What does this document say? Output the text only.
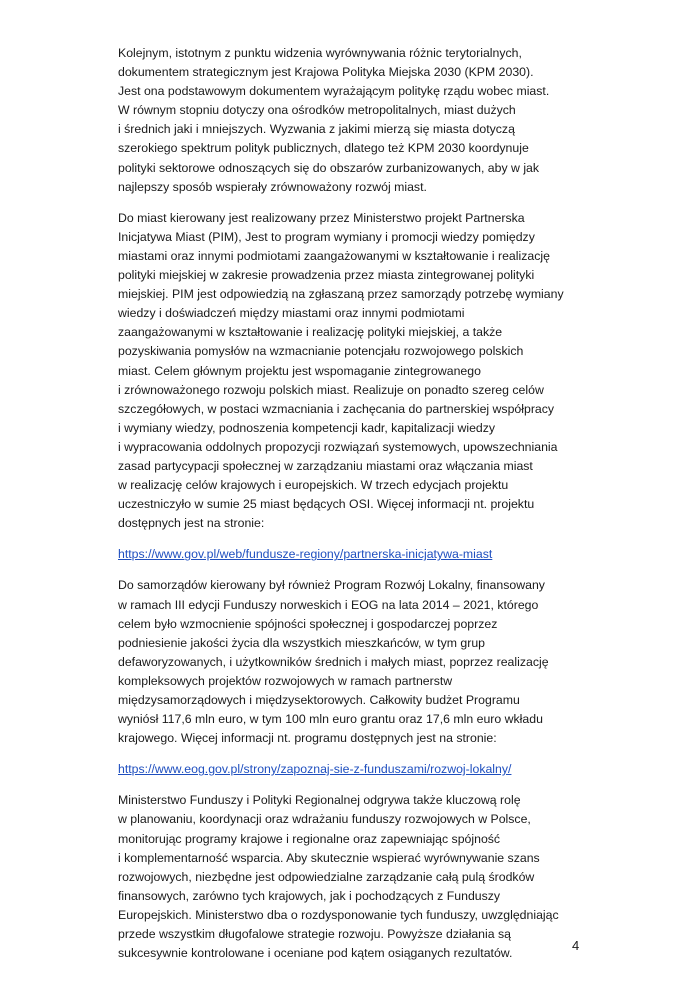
Kolejnym, istotnym z punktu widzenia wyrównywania różnic terytorialnych,
dokumentem strategicznym jest Krajowa Polityka Miejska 2030 (KPM 2030).
Jest ona podstawowym dokumentem wyrażającym politykę rządu wobec miast.
W równym stopniu dotyczy ona ośrodków metropolitalnych, miast dużych
i średnich jaki i mniejszych. Wyzwania z jakimi mierzą się miasta dotyczą
szerokiego spektrum polityk publicznych, dlatego też KPM 2030 koordynuje
polityki sektorowe odnoszących się do obszarów zurbanizowanych, aby w jak
najlepszy sposób wspierały zrównoważony rozwój miast.

Do miast kierowany jest realizowany przez Ministerstwo projekt Partnerska
Inicjatywa Miast (PIM), Jest to program wymiany i promocji wiedzy pomiędzy
miastami oraz innymi podmiotami zaangażowanymi w kształtowanie i realizację
polityki miejskiej w zakresie prowadzenia przez miasta zintegrowanej polityki
miejskiej. PIM jest odpowiedzią na zgłaszaną przez samorządy potrzebę wymiany
wiedzy i doświadczeń między miastami oraz innymi podmiotami
zaangażowanymi w kształtowanie i realizację polityki miejskiej, a także
pozyskiwania pomysłów na wzmacnianie potencjału rozwojowego polskich
miast. Celem głównym projektu jest wspomaganie zintegrowanego
i zrównoważonego rozwoju polskich miast. Realizuje on ponadto szereg celów
szczegółowych, w postaci wzmacniania i zachęcania do partnerskiej współpracy
i wymiany wiedzy, podnoszenia kompetencji kadr, kapitalizacji wiedzy
i wypracowania oddolnych propozycji rozwiązań systemowych, upowszechniania
zasad partycypacji społecznej w zarządzaniu miastami oraz włączania miast
w realizację celów krajowych i europejskich. W trzech edycjach projektu
uczestniczyło w sumie 25 miast będących OSI. Więcej informacji nt. projektu
dostępnych jest na stronie:

https://www.gov.pl/web/fundusze-regiony/partnerska-inicjatywa-miast

Do samorządów kierowany był również Program Rozwój Lokalny, finansowany
w ramach III edycji Funduszy norweskich i EOG na lata 2014 – 2021, którego
celem było wzmocnienie spójności społecznej i gospodarczej poprzez
podniesienie jakości życia dla wszystkich mieszkańców, w tym grup
defaworyzowanych, i użytkowników średnich i małych miast, poprzez realizację
kompleksowych projektów rozwojowych w ramach partnerstw
międzysamorządowych i międzysektorowych. Całkowity budżet Programu
wyniósł 117,6 mln euro, w tym 100 mln euro grantu oraz 17,6 mln euro wkładu
krajowego. Więcej informacji nt. programu dostępnych jest na stronie:

https://www.eog.gov.pl/strony/zapoznaj-sie-z-funduszami/rozwoj-lokalny/

Ministerstwo Funduszy i Polityki Regionalnej odgrywa także kluczową rolę
w planowaniu, koordynacji oraz wdrażaniu funduszy rozwojowych w Polsce,
monitorując programy krajowe i regionalne oraz zapewniając spójność
i komplementarność wsparcia. Aby skutecznie wspierać wyrównywanie szans
rozwojowych, niezbędne jest odpowiedzialne zarządzanie całą pulą środków
finansowych, zarówno tych krajowych, jak i pochodzących z Funduszy
Europejskich. Ministerstwo dba o rozdysponowanie tych funduszy, uwzględniając
przede wszystkim długofalowe strategie rozwoju. Powyższe działania są
sukcesywnie kontrolowane i oceniane pod kątem osiąganych rezultatów.

4
